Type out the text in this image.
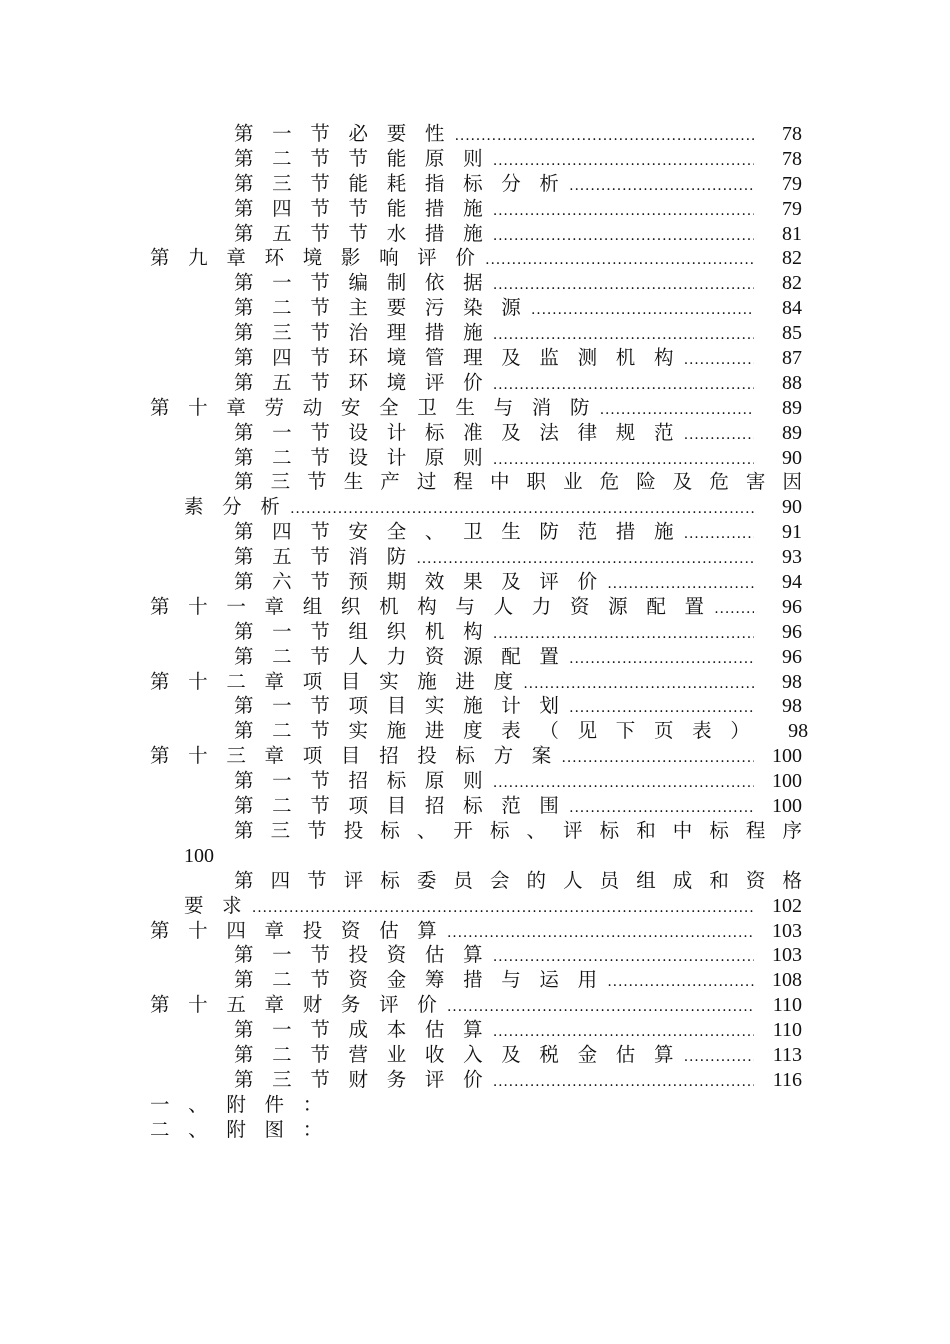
第 一 节 必 要 性 .....	78
第 二 节 节 能 原 则 .....	78
第 三 节 能 耗 指 标 分 析 .....	79
第 四 节 节 能 措 施 .....	79
第 五 节 节 水 措 施 .....	81
第 九 章 环 境 影 响 评 价 .....	82
第 一 节 编 制 依 据 .....	82
第 二 节 主 要 污 染 源 .....	84
第 三 节 治 理 措 施 .....	85
第 四 节 环 境 管 理 及 监 测 机 构 .....	87
第 五 节 环 境 评 价 .....	88
第 十 章 劳 动 安 全 卫 生 与 消 防 .....	89
第 一 节 设 计 标 准 及 法 律 规 范 .....	89
第 二 节 设 计 原 则 .....	90
第 三 节 生 产 过 程 中 职 业 危 险 及 危 害 因
素 分 析 .....	90
第 四 节 安 全 、 卫 生 防 范 措 施 .....	91
第 五 节 消 防 .....	93
第 六 节 预 期 效 果 及 评 价 .....	94
第 十 一 章 组 织 机 构 与 人 力 资 源 配 置 .....	96
第 一 节 组 织 机 构 .....	96
第 二 节 人 力 资 源 配 置 .....	96
第 十 二 章 项 目 实 施 进 度 .....	98
第 一 节 项 目 实 施 计 划 .....	98
第 二 节 实 施 进 度 表 （ 见 下 页 表 ）	98
第 十 三 章 项 目 招 投 标 方 案 .....	100
第 一 节 招 标 原 则 .....	100
第 二 节 项 目 招 标 范 围 .....	100
第 三 节 投 标 、 开 标 、 评 标 和 中 标 程 序
100
第 四 节 评 标 委 员 会 的 人 员 组 成 和 资 格
要 求 .....	102
第 十 四 章 投 资 估 算 .....	103
第 一 节 投 资 估 算 .....	103
第 二 节 资 金 筹 措 与 运 用 .....	108
第 十 五 章 财 务 评 价 .....	110
第 一 节 成 本 估 算 .....	110
第 二 节 营 业 收 入 及 税 金 估 算 .....	113
第 三 节 财 务 评 价 .....	116
一 、 附 件 ：
二 、 附 图 ：
